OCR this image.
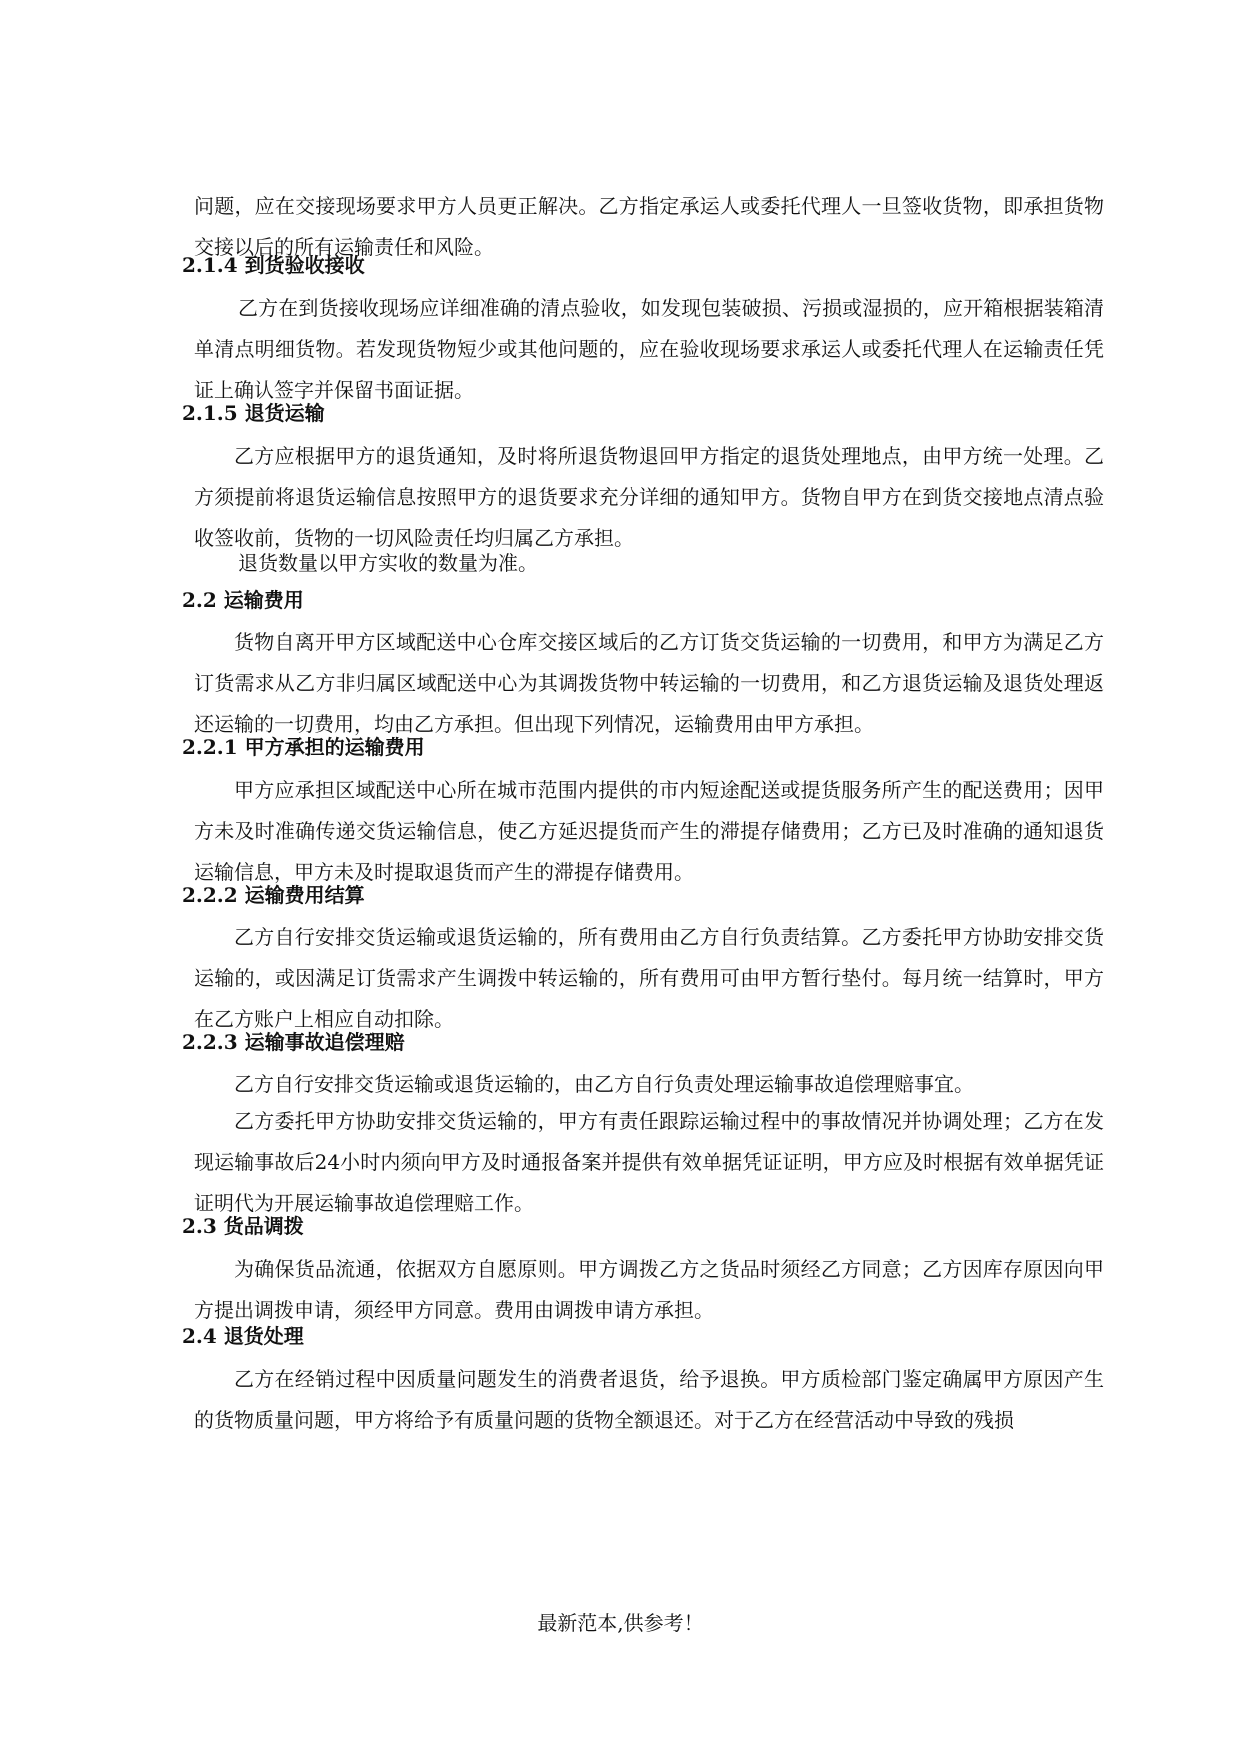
问题，应在交接现场要求甲方人员更正解决。乙方指定承运人或委托代理人一旦签收货物，即承担货物交接以后的所有运输责任和风险。

2.1.4 到货验收接收

乙方在到货接收现场应详细准确的清点验收，如发现包装破损、污损或湿损的，应开箱根据装箱清单清点明细货物。若发现货物短少或其他问题的，应在验收现场要求承运人或委托代理人在运输责任凭证上确认签字并保留书面证据。

2.1.5 退货运输

乙方应根据甲方的退货通知，及时将所退货物退回甲方指定的退货处理地点，由甲方统一处理。乙方须提前将退货运输信息按照甲方的退货要求充分详细的通知甲方。货物自甲方在到货交接地点清点验收签收前，货物的一切风险责任均归属乙方承担。

退货数量以甲方实收的数量为准。

2.2 运输费用

货物自离开甲方区域配送中心仓库交接区域后的乙方订货交货运输的一切费用，和甲方为满足乙方订货需求从乙方非归属区域配送中心为其调拨货物中转运输的一切费用，和乙方退货运输及退货处理返还运输的一切费用，均由乙方承担。但出现下列情况，运输费用由甲方承担。

2.2.1 甲方承担的运输费用

甲方应承担区域配送中心所在城市范围内提供的市内短途配送或提货服务所产生的配送费用；因甲方未及时准确传递交货运输信息，使乙方延迟提货而产生的滞提存储费用；乙方已及时准确的通知退货运输信息，甲方未及时提取退货而产生的滞提存储费用。

2.2.2 运输费用结算

乙方自行安排交货运输或退货运输的，所有费用由乙方自行负责结算。乙方委托甲方协助安排交货运输的，或因满足订货需求产生调拨中转运输的，所有费用可由甲方暂行垫付。每月统一结算时，甲方在乙方账户上相应自动扣除。

2.2.3 运输事故追偿理赔

乙方自行安排交货运输或退货运输的，由乙方自行负责处理运输事故追偿理赔事宜。

乙方委托甲方协助安排交货运输的，甲方有责任跟踪运输过程中的事故情况并协调处理；乙方在发现运输事故后24小时内须向甲方及时通报备案并提供有效单据凭证证明，甲方应及时根据有效单据凭证证明代为开展运输事故追偿理赔工作。

2.3 货品调拨

为确保货品流通，依据双方自愿原则。甲方调拨乙方之货品时须经乙方同意；乙方因库存原因向甲方提出调拨申请，须经甲方同意。费用由调拨申请方承担。

2.4 退货处理

乙方在经销过程中因质量问题发生的消费者退货，给予退换。甲方质检部门鉴定确属甲方原因产生的货物质量问题，甲方将给予有质量问题的货物全额退还。对于乙方在经营活动中导致的残损

最新范本,供参考！
